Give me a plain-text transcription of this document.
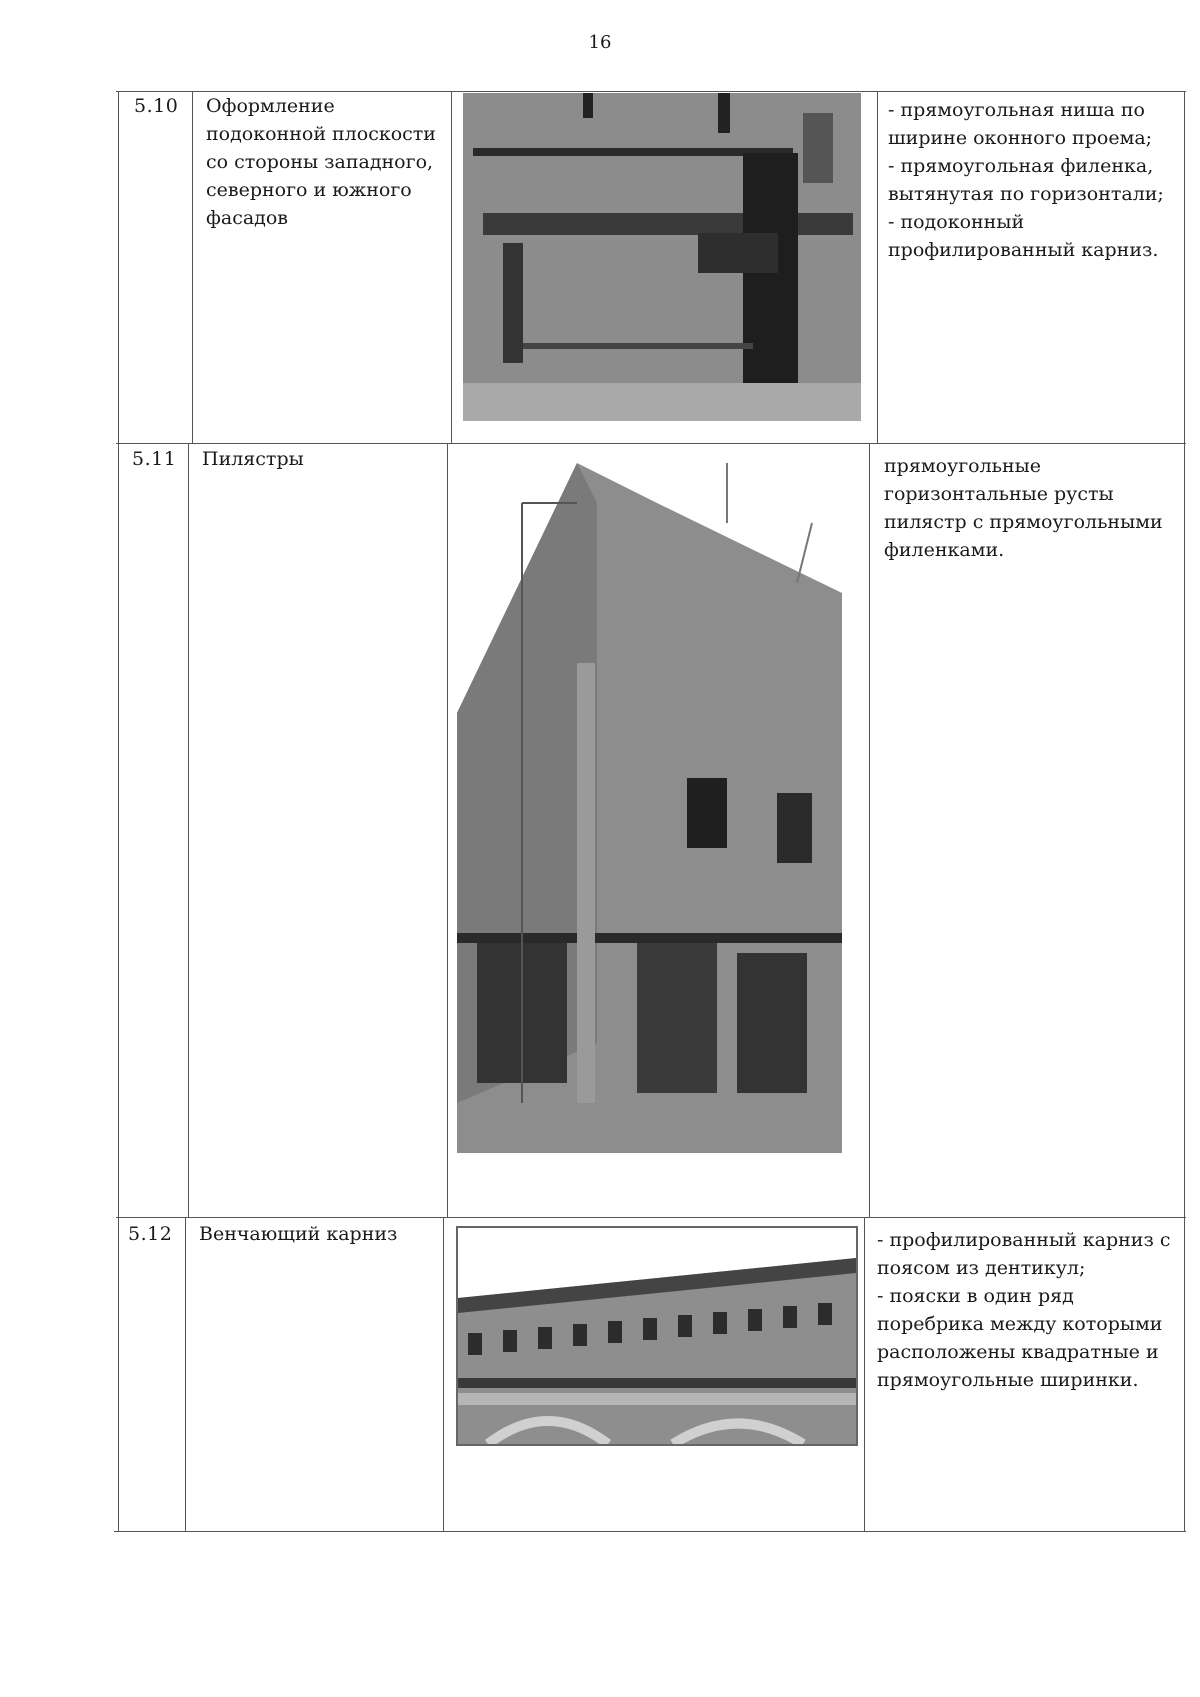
16
5.10 Оформление подоконной плоскости со стороны западного, северного и южного фасадов

- прямоугольная ниша по ширине оконного проема;

- прямоугольная филенка, вытянутая по горизонтали;

- подоконный профилированный карниз.

5.11 Пилястры	прямоугольные горизонтальные русты пилястр с прямоугольными филенками.

5.12 Венчающий карниз	- профилированный карниз с поясом из дентикул;

- пояски в один ряд поребрика между которыми расположены квадратные и прямоугольные ширинки.
